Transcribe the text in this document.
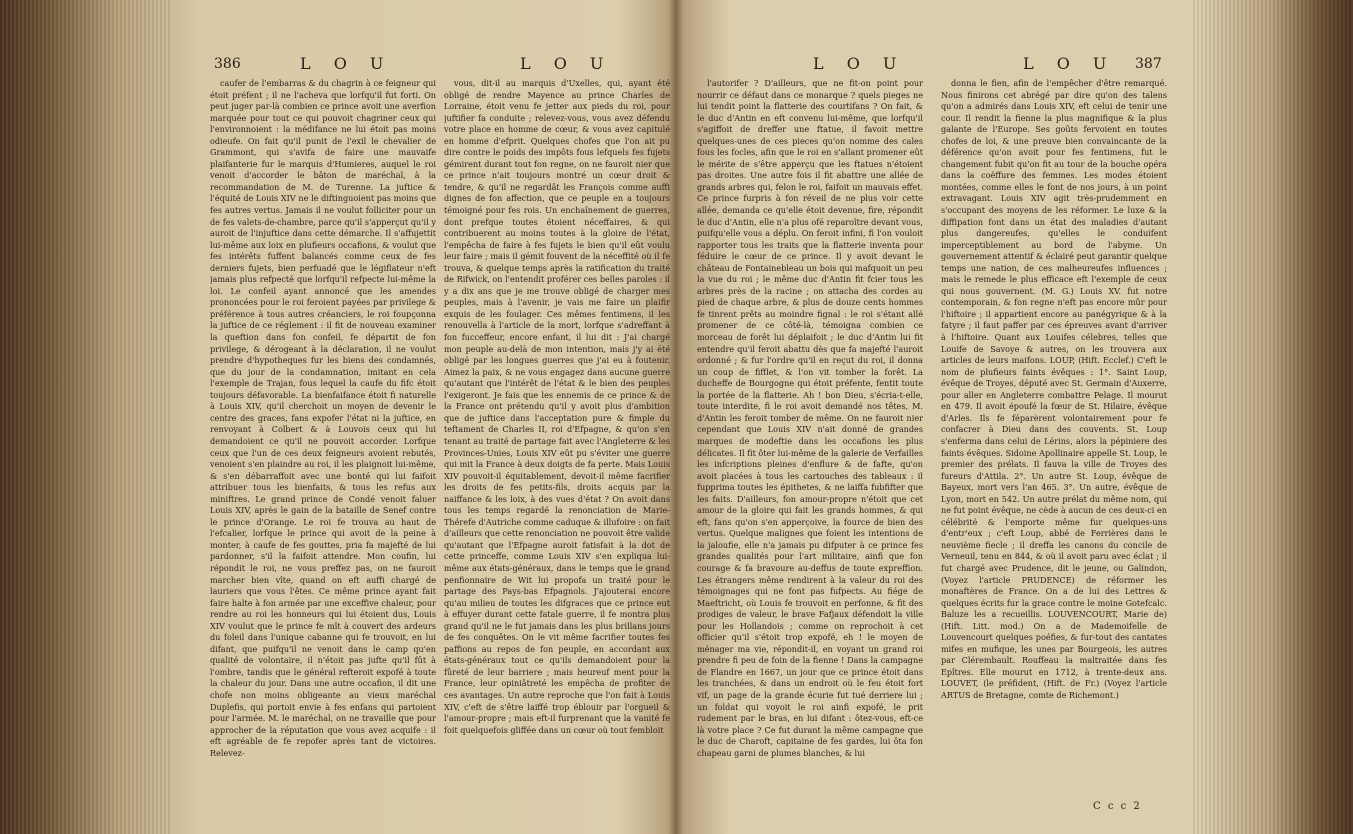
386	L O U	L O U

caufer de l'embarras & du chagrin à ce feigneur qui étoit préfent ; il ne l'acheva que lorfqu'il fut forti. On peut juger par-là combien ce prince avoit une averfion marquée pour tout ce qui pouvoit chagriner ceux qui l'environnoient : la médifance ne lui étoit pas moins odieufe. On fait qu'il punit de l'exil le chevalier de Grammont, qui s'avifa de faire une mauvaife plaifanterie fur le marquis d'Humieres, auquel le roi venoit d'accorder le bâton de maréchal, à la recommandation de M. de Turenne. La juftice & l'équité de Louis XIV ne le diftinguoient pas moins que fes autres vertus. Jamais il ne voulut folliciter pour un de fes valets-de-chambre, parce qu'il s'apperçut qu'il y auroit de l'injuftice dans cette démarche. Il s'affujettit lui-même aux loix en plufieurs occafions, & voulut que fes intérêts fuffent balancés comme ceux de fes derniers fujets, bien perfuadé que le légiflateur n'eft jamais plus refpecté que lorfqu'il refpecte lui-même la loi. Le confeil ayant annoncé que les amendes prononcées pour le roi feroient payées par privilege & préférence à tous autres créanciers, le roi foupçonna la juftice de ce réglement : il fit de nouveau examiner la queftion dans fon confeil, fe départit de fon privilege, & dérogeant à la déclaration, il ne voulut prendre d'hypotheques fur les biens des condamnés, que du jour de la condamnation, imitant en cela l'exemple de Trajan, fous lequel la caufe du fifc étoit toujours défavorable. La bienfaifance étoit fi naturelle à Louis XIV, qu'il cherchoit un moyen de devenir le centre des graces, fans expofer l'état ni la juftice, en renvoyant à Colbert & à Louvois ceux qui lui demandoient ce qu'il ne pouvoit accorder. Lorfque ceux que l'un de ces deux feigneurs avoient rebutés, venoient s'en plaindre au roi, il les plaignoit lui-même, & s'en débarraffoit avec une bonté qui lui faifoit attribuer tous les bienfaits, & tous les refus aux miniftres. Le grand prince de Condé venoit faluer Louis XIV, après le gain de la bataille de Senef contre le prince d'Orange. Le roi fe trouva au haut de l'efcalier, lorfque le prince qui avoit de la peine à monter, à caufe de fes gouttes, pria fa majefté de lui pardonner, s'il la faifoit attendre. Mon coufin, lui répondit le roi, ne vous preffez pas, on ne fauroit marcher bien vîte, quand on eft auffi chargé de lauriers que vous l'êtes. Ce même prince ayant fait faire halte à fon armée par une exceffive chaleur, pour rendre au roi les honneurs qui lui étoient dus, Louis XIV voulut que le prince fe mît à couvert des ardeurs du foleil dans l'unique cabanne qui fe trouvoit, en lui difant, que puifqu'il ne venoit dans le camp qu'en qualité de volontaire, il n'étoit pas jufte qu'il fût à l'ombre, tandis que le général refteroit expofé à toute la chaleur du jour. Dans une autre occafion, il dit une chofe non moins obligeante au vieux maréchal Duplefis, qui portoit envie à fes enfans qui partoient pour l'armée. M. le maréchal, on ne travaille que pour approcher de la réputation que vous avez acquife : il eft agréable de fe repofer après tant de victoires. Relevez-

vous, dit-il au marquis d'Uxelles, qui, ayant été obligé de rendre Mayence au prince Charles de Lorraine, étoit venu fe jetter aux pieds du roi, pour juftifier fa conduite ; relevez-vous, vous avez défendu votre place en homme de cœur, & vous avez capitulé en homme d'efprit. Quelques chofes que l'on ait pu dire contre le poids des impôts fous lefquels fes fujets gémirent durant tout fon regne, on ne fauroit nier que ce prince n'ait toujours montré un cœur droit & tendre, & qu'il ne regardât les François comme auffi dignes de fon affection, que ce peuple en a toujours témoigné pour fes rois. Un enchaînement de guerres, dont prefque toutes étoient néceffaires, & qui contribuerent au moins toutes à la gloire de l'état, l'empêcha de faire à fes fujets le bien qu'il eût voulu leur faire ; mais il gémit fouvent de la néceffité où il fe trouva, & quelque temps après la ratification du traité de Rifwick, on l'entendit proférer ces belles paroles : il y a dix ans que je me trouve obligé de charger mes peuples, mais à l'avenir, je vais me faire un plaifir exquis de les foulager. Ces mêmes fentimens, il les renouvella à l'article de la mort, lorfque s'adreffant à fon fucceffeur, encore enfant, il lui dit : J'ai chargé mon peuple au-delà de mon intention, mais j'y ai été obligé par les longues guerres que j'ai eu à foutenir. Aimez la paix, & ne vous engagez dans aucune guerre qu'autant que l'intérêt de l'état & le bien des peuples l'exigeront. Je fais que les ennemis de ce prince & de la France ont prétendu qu'il y avoit plus d'ambition que de juftice dans l'acceptation pure & fimple du teftament de Charles II, roi d'Efpagne, & qu'on s'en tenant au traité de partage fait avec l'Angleterre & les Provinces-Unies, Louis XIV eût pu s'éviter une guerre qui mit la France à deux doigts de fa perte. Mais Louis XIV pouvoit-il équitablement, devoit-il même facrifier les droits de fes petits-fils, droits acquis par la naiffance & les loix, à des vues d'état ? On avoit dans tous les temps regardé la renonciation de Marie-Thérefe d'Autriche comme caduque & illufoire : on fait d'ailleurs que cette renonciation ne pouvoit être valide qu'autant que l'Efpagne auroit fatisfait à la dot de cette princeffe, comme Louis XIV s'en expliqua lui-même aux états-généraux, dans le temps que le grand penfionnaire de Wit lui propofa un traité pour le partage des Pays-bas Efpagnols. J'ajouterai encore qu'au milieu de toutes les difgraces que ce prince eut à effuyer durant cette fatale guerre, il fe montra plus grand qu'il ne le fut jamais dans les plus brillans jours de fes conquêtes. On le vit même facrifier toutes fes paffions au repos de fon peuple, en accordant aux états-généraux tout ce qu'ils demandoient pour la fûreté de leur barriere ; mais heureuf ment pour la France, leur opiniâtreté les empêcha de profiter de ces avantages. Un autre reproche que l'on fait à Louis XIV, c'eft de s'être laiffé trop éblouir par l'orgueil & l'amour-propre ; mais eft-il furprenant que la vanité fe foit quelquefois gliffée dans un cœur où tout fembloit

L O U	L O U 387

l'autorifer ? D'ailleurs, que ne fit-on point pour nourrir ce défaut dans ce monarque ? quels pieges ne lui tendit point la flatterie des courtifans ? On fait, & le duc d'Antin en eft convenu lui-même, que lorfqu'il s'agiffoit de dreffer une ftatue, il favoit mettre quelques-unes de ces pieces qu'on nomme des cales fous les focles, afin que le roi en s'allant promener eût le mérite de s'être apperçu que les ftatues n'étoient pas droites. Une autre fois il fit abattre une allée de grands arbres qui, felon le roi, faifoit un mauvais effet. Ce prince furpris à fon réveil de ne plus voir cette allée, demanda ce qu'elle étoit devenue, fire, répondit le duc d'Antin, elle n'a plus ofé reparoître devant vous, puifqu'elle vous a déplu. On feroit infini, fi l'on vouloit rapporter tous les traits que la flatterie inventa pour féduire le cœur de ce prince. Il y avoit devant le château de Fontainebleau un bois qui mafquoit un peu la vue du roi ; le même duc d'Antin fit fcier tous les arbres près de la racine ; on attacha des cordes au pied de chaque arbre, & plus de douze cents hommes fe tinrent prêts au moindre fignal : le roi s'étant allé promener de ce côté-là, témoigna combien ce morceau de forêt lui déplaifoit ; le duc d'Antin lui fit entendre qu'il feroit abattu dès que fa majefté l'auroit ordonné ; & fur l'ordre qu'il en reçut du roi, il donna un coup de fifflet, & l'on vit tomber la forêt. La ducheffe de Bourgogne qui étoit préfente, fentit toute la portée de la flatterie. Ah ! bon Dieu, s'écria-t-elle, toute interdite, fi le roi avoit demandé nos têtes, M. d'Antin les feroit tomber de même. On ne fauroit nier cependant que Louis XIV n'ait donné de grandes marques de modeftie dans les occafions les plus délicates. Il fit ôter lui-même de la galerie de Verfailles les infcriptions pleines d'enflure & de fafte, qu'on avoit placées à tous les cartouches des tableaux : il fupprima toutes les épithetes, & ne laiffa fubfifter que les faits. D'ailleurs, fon amour-propre n'étoit que cet amour de la gloire qui fait les grands hommes, & qui eft, fans qu'on s'en apperçoive, la fource de bien des vertus. Quelque malignes que foient les intentions de la jaloufie, elle n'a jamais pu difputer à ce prince fes grandes qualités pour l'art militaire, ainfi que fon courage & fa bravoure au-deffus de toute expreffion. Les étrangers même rendirent à la valeur du roi des témoignages qui ne font pas fufpects. Au fiége de Maeftricht, où Louis fe trouvoit en perfonne, & fit des prodiges de valeur, le brave Fafjaux défendoit la ville pour les Hollandois ; comme on reprochoit à cet officier qu'il s'étoit trop expofé, eh ! le moyen de ménager ma vie, répondit-il, en voyant un grand roi prendre fi peu de foin de la fienne ! Dans la campagne de Flandre en 1667, un jour que ce prince étoit dans les tranchées, & dans un endroit où le feu étoit fort vif, un page de la grande écurie fut tué derriere lui ; un foldat qui voyoit le roi ainfi expofé, le prit rudement par le bras, en lui difant : ôtez-vous, eft-ce là votre place ? Ce fut durant la même campagne que le duc de Charoft, capitaine de fes gardes, lui ôta fon chapeau garni de plumes blanches, & lui

donna le fien, afin de l'empêcher d'être remarqué. Nous finirons cet abrégé par dire qu'on des talens qu'on a admirés dans Louis XIV, eft celui de tenir une cour. Il rendit la fienne la plus magnifique & la plus galante de l'Europe. Ses goûts fervoient en toutes chofes de loi, & une preuve bien convaincante de la déférence qu'on avoit pour fes fentimens, fut le changement fubit qu'on fit au tour de la bouche opéra dans la coëffure des femmes. Les modes étoient montées, comme elles le font de nos jours, à un point extravagant. Louis XIV agit très-prudemment en s'occupant des moyens de les réformer. Le luxe & la diffipation font dans un état des maladies d'autant plus dangereufes, qu'elles le conduifent imperceptiblement au bord de l'abyme. Un gouvernement attentif & éclairé peut garantir quelque temps une nation, de ces malheureufes influences ; mais le remede le plus efficace eft l'exemple de ceux qui nous gouvernent. (M. G.) Louis XV. fut notre contemporain, & fon regne n'eft pas encore mûr pour l'hiftoire ; il appartient encore au panégyrique & à la fatyre ; il faut paffer par ces épreuves avant d'arriver à l'hiftoire. Quant aux Louifes célebres, telles que Louife de Savoye & autres, on les trouvera aux articles de leurs maifons. LOUP, (Hift. Ecclef.) C'eft le nom de plufieurs faints évêques : 1°. Saint Loup, évêque de Troyes, député avec St. Germain d'Auxerre, pour aller en Angleterre combattre Pelage. Il mourut en 479. Il avoit époufé la fœur de St. Hilaire, évêque d'Arles. Ils fe féparèrent volontairement pour fe confacrer à Dieu dans des couvents. St. Loup s'enferma dans celui de Lérins, alors la pépiniere des faints évêques. Sidoine Apollinaire appelle St. Loup, le premier des prélats. Il fauva la ville de Troyes des fureurs d'Attila. 2°. Un autre St. Loup, évêque de Bayeux, mort vers l'an 465. 3°. Un autre, évêque de Lyon, mort en 542. Un autre prélat du même nom, qui ne fut point évêque, ne cède à aucun de ces deux-ci en célébrité & l'emporte même fur quelques-uns d'entr'eux ; c'eft Loup, abbé de Ferrières dans le neuvième fiecle ; il dreffa les canons du concile de Verneuil, tenu en 844, & où il avoit paru avec éclat ; il fut chargé avec Prudence, dit le jeune, ou Galindon, (Voyez l'article PRUDENCE) de réformer les monaftères de France. On a de lui des Lettres & quelques écrits fur la grace contre le moine Gotefcalc. Baluze les a recueillis. LOUVENCOURT, Marie de) (Hift. Litt. mod.) On a de Mademoifelle de Louvencourt quelques poéfies, & fur-tout des cantates mifes en mufique, les unes par Bourgeois, les autres par Clérembault. Rouffeau la maltraitée dans fes Epîtres. Elle mourut en 1712, à trente-deux ans. LOUVET, (le préfident, (Hift. de Fr.) (Voyez l'article ARTUS de Bretagne, comte de Richemont.)

C c c 2
